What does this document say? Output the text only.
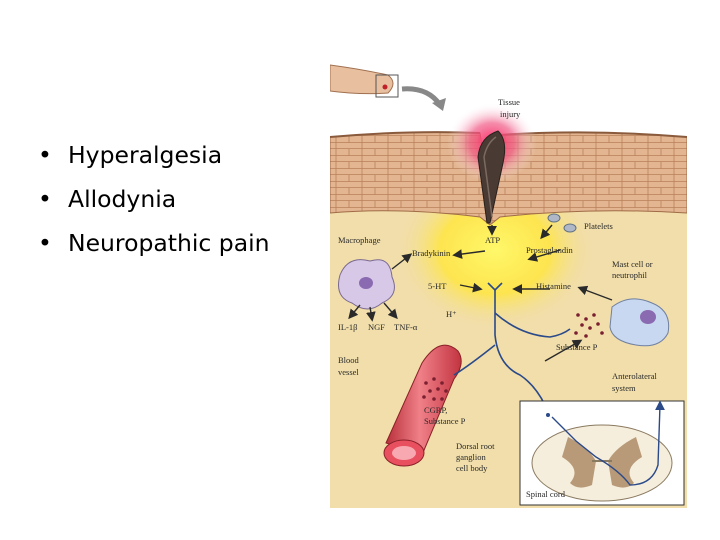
• Hyperalgesia
• Allodynia
• Neuropathic pain
Tissue
injury
Platelets
Macrophage	ATP
Bradykinin	Prostaglandin
Mast cell or
neutrophil
5-HT	Histamine
H⁺
IL-1β NGF TNF-α
Substance P
Blood
vessel	Anterolateral
system
CGRP,
Substance P
Dorsal root
ganglion
cell body
Spinal cord
